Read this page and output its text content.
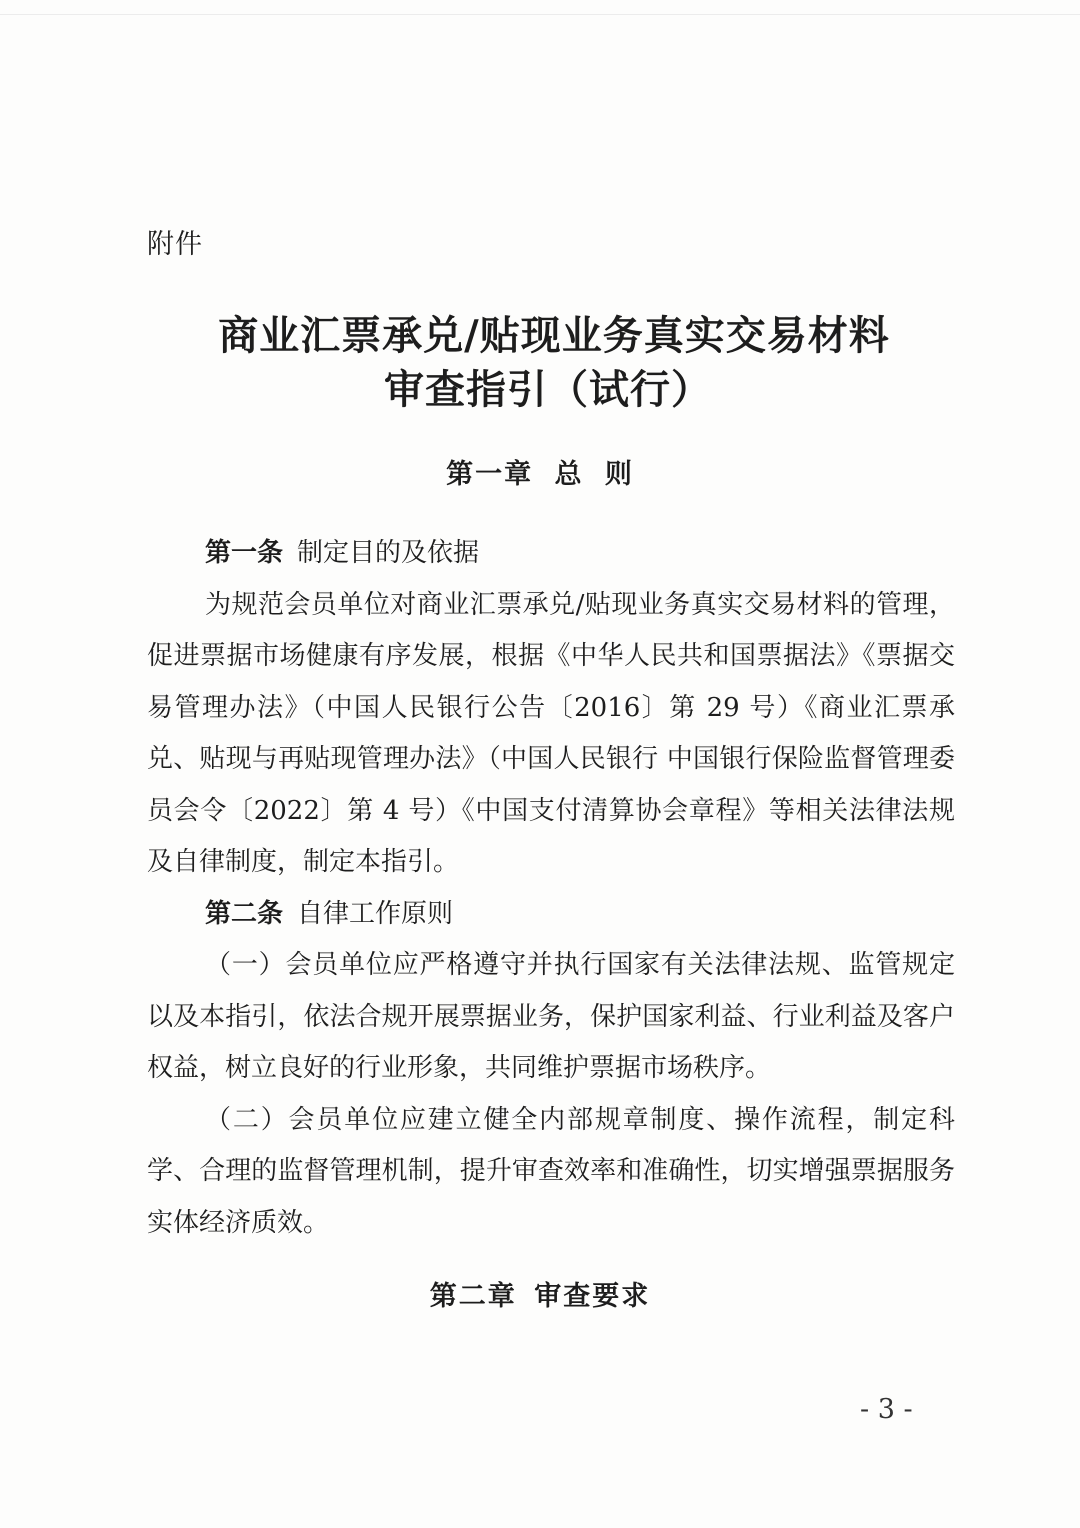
附件
商业汇票承兑/贴现业务真实交易材料
审查指引（试行）
第一章 总 则

第一条 制定目的及依据

为规范会员单位对商业汇票承兑/贴现业务真实交易材料的管理，促进票据市场健康有序发展，根据《中华人民共和国票据法》《票据交易管理办法》（中国人民银行公告〔2016〕第 29 号）《商业汇票承兑、贴现与再贴现管理办法》（中国人民银行 中国银行保险监督管理委员会令〔2022〕第 4 号）《中国支付清算协会章程》等相关法律法规及自律制度，制定本指引。

第二条 自律工作原则

（一）会员单位应严格遵守并执行国家有关法律法规、监管规定以及本指引，依法合规开展票据业务，保护国家利益、行业利益及客户权益，树立良好的行业形象，共同维护票据市场秩序。

（二）会员单位应建立健全内部规章制度、操作流程，制定科学、合理的监督管理机制，提升审查效率和准确性，切实增强票据服务实体经济质效。

第二章 审查要求
- 3 -
